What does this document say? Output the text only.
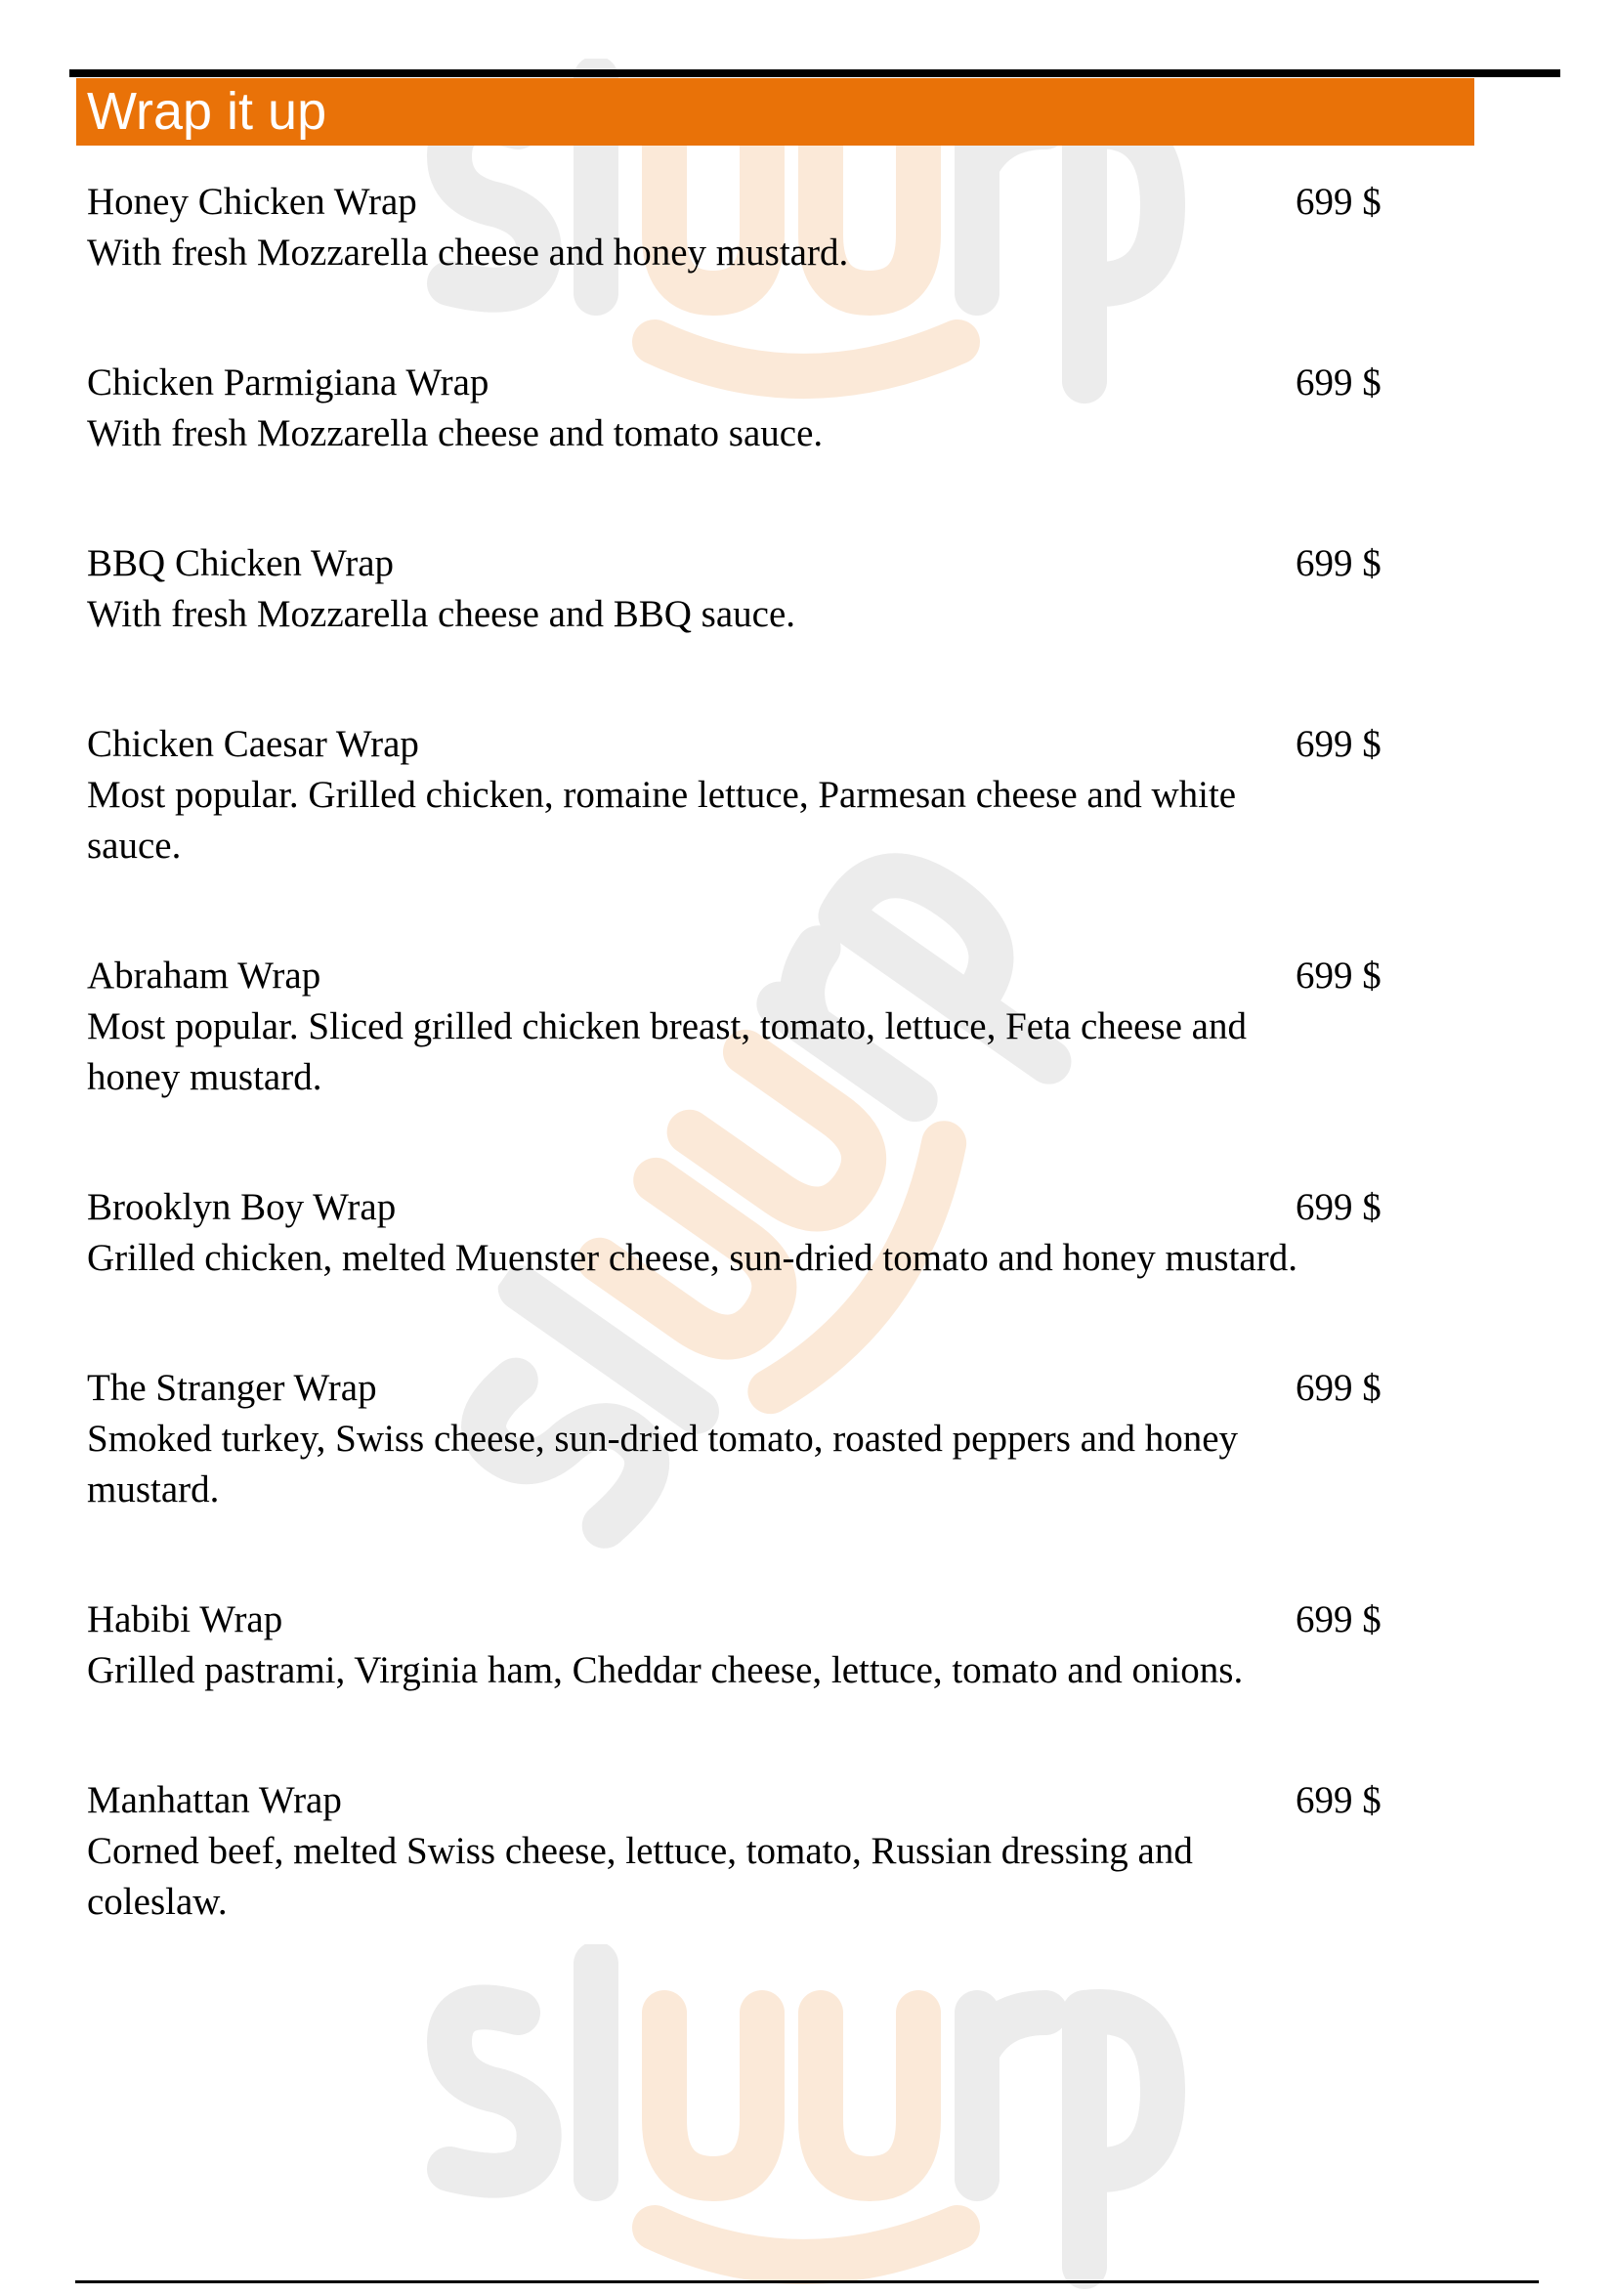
Wrap it up
Honey Chicken Wrap
With fresh Mozzarella cheese and honey mustard.
699 $
Chicken Parmigiana Wrap
With fresh Mozzarella cheese and tomato sauce.
699 $
BBQ Chicken Wrap
With fresh Mozzarella cheese and BBQ sauce.
699 $
Chicken Caesar Wrap
Most popular. Grilled chicken, romaine lettuce, Parmesan cheese and white sauce.
699 $
Abraham Wrap
Most popular. Sliced grilled chicken breast, tomato, lettuce, Feta cheese and honey mustard.
699 $
Brooklyn Boy Wrap
Grilled chicken, melted Muenster cheese, sun-dried tomato and honey mustard.
699 $
The Stranger Wrap
Smoked turkey, Swiss cheese, sun-dried tomato, roasted peppers and honey mustard.
699 $
Habibi Wrap
Grilled pastrami, Virginia ham, Cheddar cheese, lettuce, tomato and onions.
699 $
Manhattan Wrap
Corned beef, melted Swiss cheese, lettuce, tomato, Russian dressing and coleslaw.
699 $
